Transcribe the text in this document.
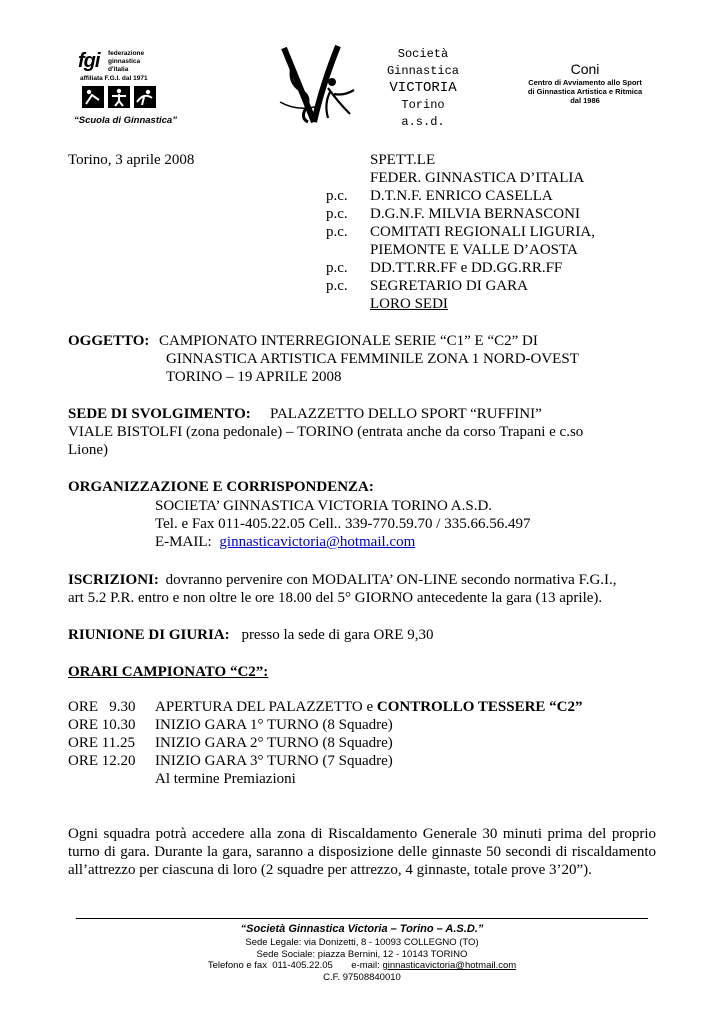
fgi federazione
ginnastica
d'italia
affiliata F.G.I. dal 1971
“Scuola di Ginnastica”
Società
Ginnastica
VICTORIA
Torino
a.s.d.
Coni
Centro di Avviamento allo Sport
di Ginnastica Artistica e Ritmica
dal 1986
Torino, 3 aprile 2008	SPETT.LE
FEDER. GINNASTICA D’ITALIA
p.c. D.T.N.F. ENRICO CASELLA
p.c. D.G.N.F. MILVIA BERNASCONI
p.c. COMITATI REGIONALI LIGURIA,
PIEMONTE E VALLE D’AOSTA
p.c. DD.TT.RR.FF e DD.GG.RR.FF
p.c. SEGRETARIO DI GARA
LORO SEDI
OGGETTO: CAMPIONATO INTERREGIONALE SERIE “C1” E “C2” DI
GINNASTICA ARTISTICA FEMMINILE ZONA 1 NORD-OVEST
TORINO – 19 APRILE 2008
SEDE DI SVOLGIMENTO: PALAZZETTO DELLO SPORT “RUFFINI”
VIALE BISTOLFI (zona pedonale) – TORINO (entrata anche da corso Trapani e c.so
Lione)
ORGANIZZAZIONE E CORRISPONDENZA:
SOCIETA’ GINNASTICA VICTORIA TORINO A.S.D.
Tel. e Fax 011-405.22.05 Cell.. 339-770.59.70 / 335.66.56.497
E-MAIL: ginnasticavictoria@hotmail.com
ISCRIZIONI: dovranno pervenire con MODALITA’ ON-LINE secondo normativa F.G.I.,
art 5.2 P.R. entro e non oltre le ore 18.00 del 5° GIORNO antecedente la gara (13 aprile).
RIUNIONE DI GIURIA: presso la sede di gara ORE 9,30
ORARI CAMPIONATO “C2”:
ORE   9.30 APERTURA DEL PALAZZETTO e CONTROLLO TESSERE “C2”
ORE 10.30 INIZIO GARA 1° TURNO (8 Squadre)
ORE 11.25 INIZIO GARA 2° TURNO (8 Squadre)
ORE 12.20 INIZIO GARA 3° TURNO (7 Squadre)
Al termine Premiazioni
Ogni squadra potrà accedere alla zona di Riscaldamento Generale 30 minuti prima del proprio turno di gara. Durante la gara, saranno a disposizione delle ginnaste 50 secondi di riscaldamento all’attrezzo per ciascuna di loro (2 squadre per attrezzo, 4 ginnaste, totale prove 3’20”).
“Società Ginnastica Victoria – Torino – A.S.D.”
Sede Legale: via Donizetti, 8 - 10093 COLLEGNO (TO)
Sede Sociale: piazza Bernini, 12 - 10143 TORINO
Telefono e fax  011-405.22.05       e-mail: ginnasticavictoria@hotmail.com
C.F. 97508840010
